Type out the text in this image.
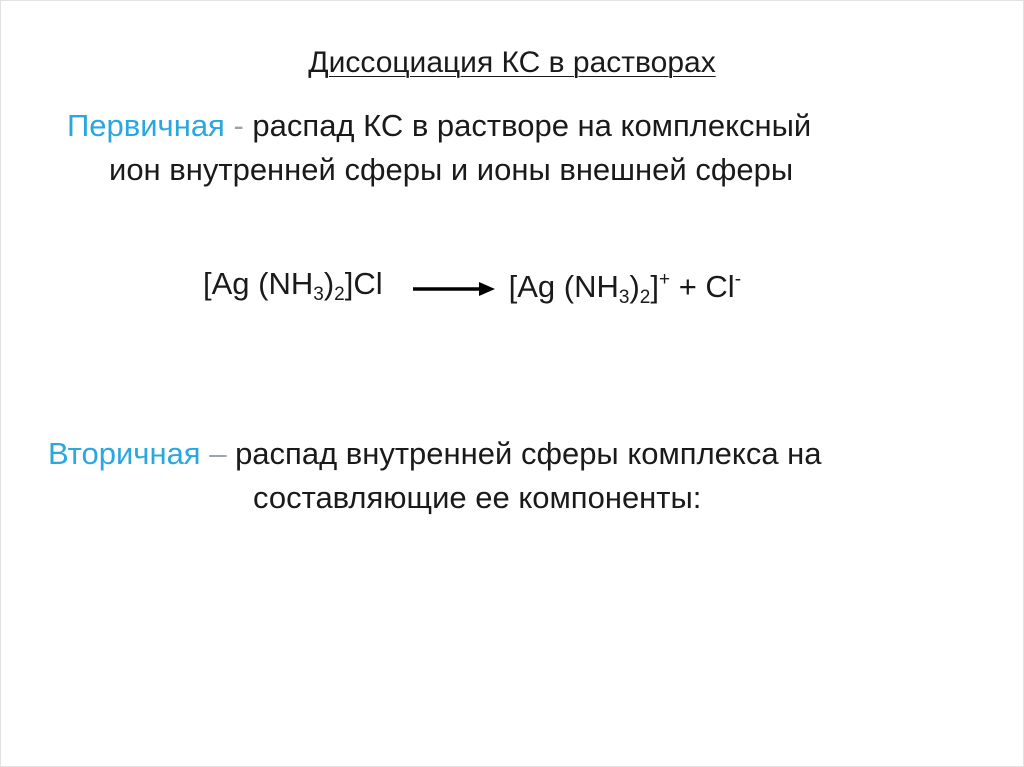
Диссоциация КС в растворах
Первичная - распад КС в растворе на комплексный
ион внутренней сферы и ионы внешней сферы
[Ag $(NH_3)_2]Cl \to [Ag$ $(NH_3)_2]^+ + Cl^-$
Вторичная – распад внутренней сферы комплекса на
составляющие ее компоненты:
